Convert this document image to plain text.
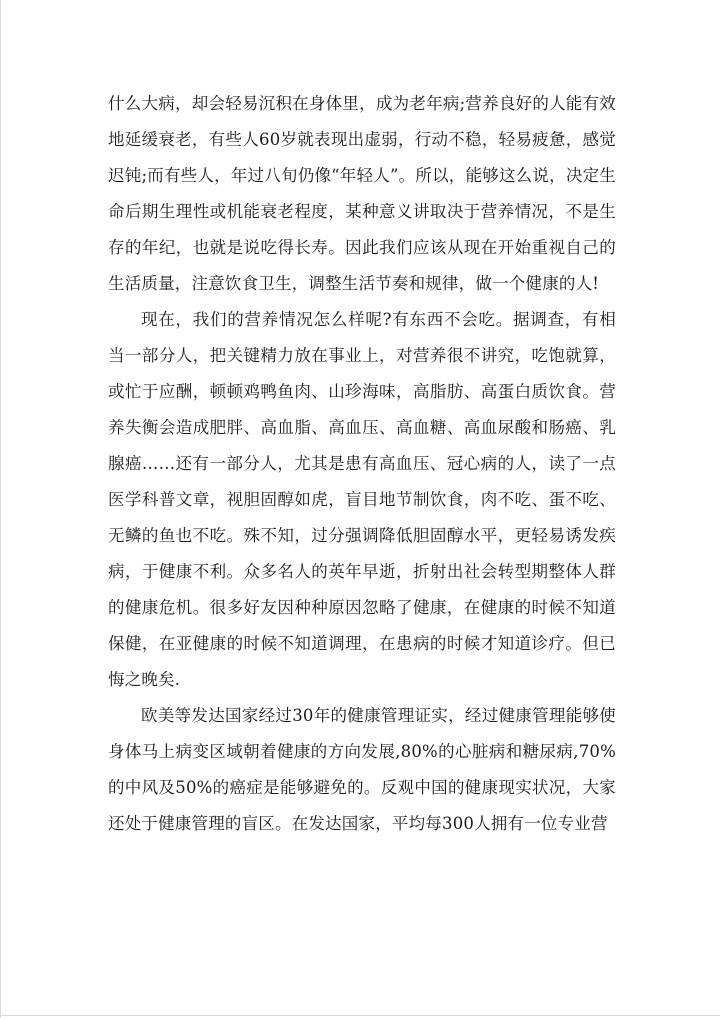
什么大病，却会轻易沉积在身体里，成为老年病;营养良好的人能有效地延缓衰老，有些人60岁就表现出虚弱，行动不稳，轻易疲惫，感觉迟钝;而有些人，年过八旬仍像“年轻人”。所以，能够这么说，决定生命后期生理性或机能衰老程度，某种意义讲取决于营养情况，不是生存的年纪，也就是说吃得长寿。因此我们应该从现在开始重视自己的生活质量，注意饮食卫生，调整生活节奏和规律，做一个健康的人!

现在，我们的营养情况怎么样呢?有东西不会吃。据调查，有相当一部分人，把关键精力放在事业上，对营养很不讲究，吃饱就算，或忙于应酬，顿顿鸡鸭鱼肉、山珍海味，高脂肪、高蛋白质饮食。营养失衡会造成肥胖、高血脂、高血压、高血糖、高血尿酸和肠癌、乳腺癌……还有一部分人，尤其是患有高血压、冠心病的人，读了一点医学科普文章，视胆固醇如虎，盲目地节制饮食，肉不吃、蛋不吃、无鳞的鱼也不吃。殊不知，过分强调降低胆固醇水平，更轻易诱发疾病，于健康不利。众多名人的英年早逝，折射出社会转型期整体人群的健康危机。很多好友因种种原因忽略了健康，在健康的时候不知道保健，在亚健康的时候不知道调理，在患病的时候才知道诊疗。但已悔之晚矣.

欧美等发达国家经过30年的健康管理证实，经过健康管理能够使身体马上病变区域朝着健康的方向发展,80%的心脏病和糖尿病,70%的中风及50%的癌症是能够避免的。反观中国的健康现实状况，大家还处于健康管理的盲区。在发达国家，平均每300人拥有一位专业营
